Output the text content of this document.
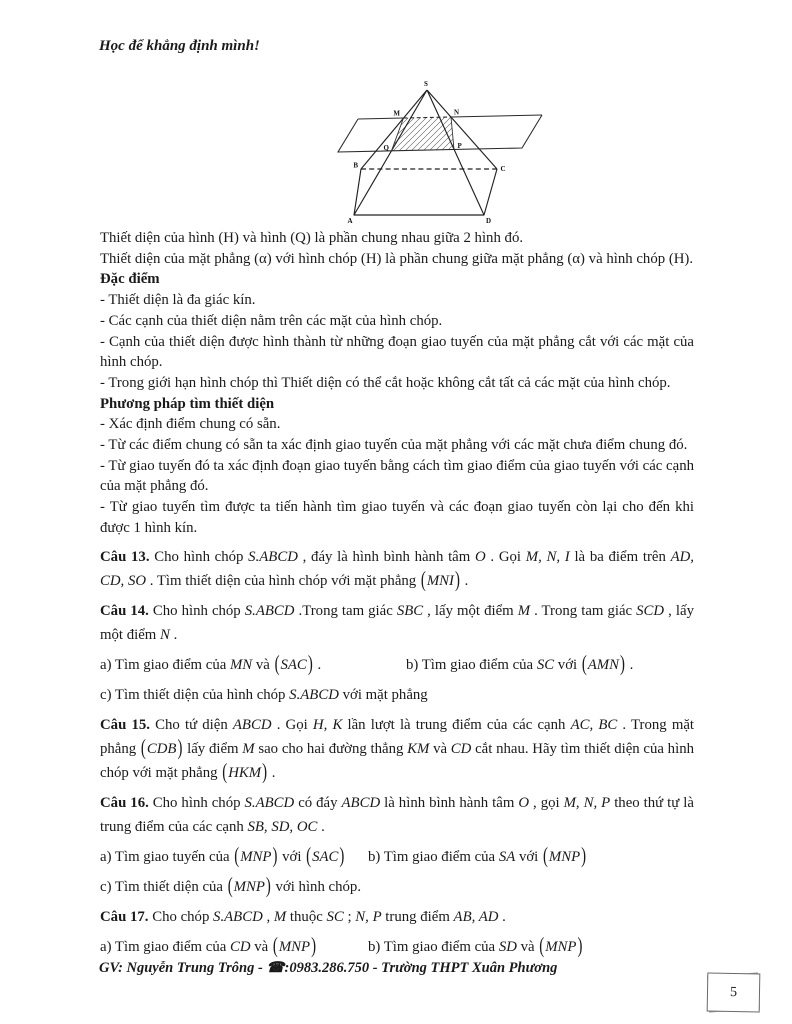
Học để khẳng định mình!
S
M	N
Q	P
B	C
A	D
Thiết diện của hình (H) và hình (Q) là phần chung nhau giữa 2 hình đó.
Thiết diện của mặt phẳng (α) với hình chóp (H) là phần chung giữa mặt phẳng (α) và hình chóp (H).
Đặc điểm
- Thiết diện là đa giác kín.
- Các cạnh của thiết diện nằm trên các mặt của hình chóp.
- Cạnh của thiết diện được hình thành từ những đoạn giao tuyến của mặt phẳng cắt với các mặt của hình chóp.
- Trong giới hạn hình chóp thì Thiết diện có thể cắt hoặc không cắt tất cả các mặt của hình chóp.
Phương pháp tìm thiết diện
- Xác định điểm chung có sẵn.
- Từ các điểm chung có sẵn ta xác định giao tuyến của mặt phẳng với các mặt chưa điểm chung đó.
- Từ giao tuyến đó ta xác định đoạn giao tuyến bằng cách tìm giao điểm của giao tuyến với các cạnh của mặt phẳng đó.
- Từ giao tuyến tìm được ta tiến hành tìm giao tuyến và các đoạn giao tuyến còn lại cho đến khi được 1 hình kín.
Câu 13. Cho hình chóp S.ABCD , đáy là hình bình hành tâm O . Gọi M, N, I là ba điểm trên AD, CD, SO . Tìm thiết diện của hình chóp với mặt phẳng (MNI) .
Câu 14. Cho hình chóp S.ABCD .Trong tam giác SBC , lấy một điểm M . Trong tam giác SCD , lấy một điểm N .
a) Tìm giao điểm của MN và (SAC) .	b) Tìm giao điểm của SC với (AMN) .
c) Tìm thiết diện của hình chóp S.ABCD với mặt phẳng
Câu 15. Cho tứ diện ABCD . Gọi H, K lần lượt là trung điểm của các cạnh AC, BC . Trong mặt phẳng (CDB) lấy điểm M sao cho hai đường thẳng KM và CD cắt nhau. Hãy tìm thiết diện của hình chóp với mặt phẳng (HKM) .
Câu 16. Cho hình chóp S.ABCD có đáy ABCD là hình bình hành tâm O , gọi M, N, P theo thứ tự là trung điểm của các cạnh SB, SD, OC .
a) Tìm giao tuyến của (MNP) với (SAC)	b) Tìm giao điểm của SA với (MNP)
c) Tìm thiết diện của (MNP) với hình chóp.
Câu 17. Cho chóp S.ABCD , M thuộc SC ; N, P trung điểm AB, AD .
a) Tìm giao điểm của CD và (MNP)	b) Tìm giao điểm của SD và (MNP)
GV: Nguyễn Trung Trông - ☎:0983.286.750 - Trường THPT Xuân Phương
5
